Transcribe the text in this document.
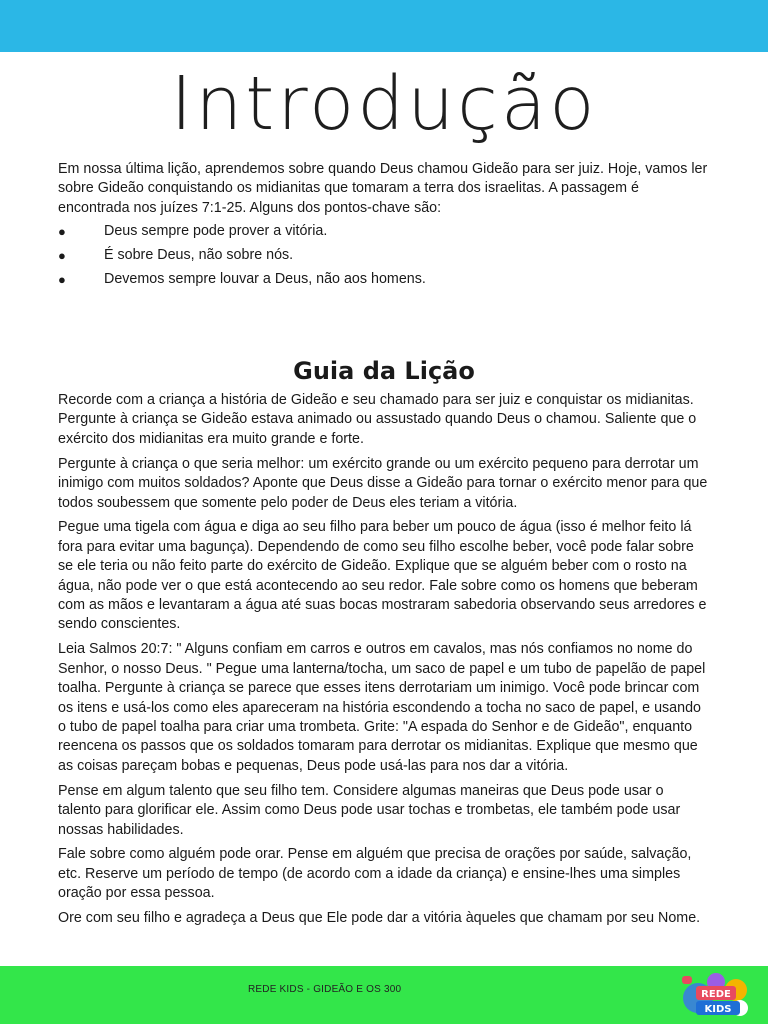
Introdução

Em nossa última lição, aprendemos sobre quando Deus chamou Gideão para ser juiz. Hoje, vamos ler sobre Gideão conquistando os midianitas que tomaram a terra dos israelitas. A passagem é encontrada nos juízes 7:1-25. Alguns dos pontos-chave são:

●	Deus sempre pode prover a vitória.
●	É sobre Deus, não sobre nós.
●	Devemos sempre louvar a Deus, não aos homens.
Guia da Lição

Recorde com a criança a história de Gideão e seu chamado para ser juiz e conquistar os midianitas. Pergunte à criança se Gideão estava animado ou assustado quando Deus o chamou. Saliente que o exército dos midianitas era muito grande e forte.

Pergunte à criança o que seria melhor: um exército grande ou um exército pequeno para derrotar um inimigo com muitos soldados? Aponte que Deus disse a Gideão para tornar o exército menor para que todos soubessem que somente pelo poder de Deus eles teriam a vitória.

Pegue uma tigela com água e diga ao seu filho para beber um pouco de água (isso é melhor feito lá fora para evitar uma bagunça). Dependendo de como seu filho escolhe beber, você pode falar sobre se ele teria ou não feito parte do exército de Gideão. Explique que se alguém beber com o rosto na água, não pode ver o que está acontecendo ao seu redor. Fale sobre como os homens que beberam com as mãos e levantaram a água até suas bocas mostraram sabedoria observando seus arredores e sendo conscientes.

Leia Salmos 20:7: " Alguns confiam em carros e outros em cavalos, mas nós confiamos no nome do Senhor, o nosso Deus. " Pegue uma lanterna/tocha, um saco de papel e um tubo de papelão de papel toalha. Pergunte à criança se parece que esses itens derrotariam um inimigo. Você pode brincar com os itens e usá-los como eles apareceram na história escondendo a tocha no saco de papel, e usando o tubo de papel toalha para criar uma trombeta. Grite: "A espada do Senhor e de Gideão", enquanto reencena os passos que os soldados tomaram para derrotar os midianitas. Explique que mesmo que as coisas pareçam bobas e pequenas, Deus pode usá-las para nos dar a vitória.

Pense em algum talento que seu filho tem. Considere algumas maneiras que Deus pode usar o talento para glorificar ele. Assim como Deus pode usar tochas e trombetas, ele também pode usar nossas habilidades.

Fale sobre como alguém pode orar. Pense em alguém que precisa de orações por saúde, salvação, etc. Reserve um período de tempo (de acordo com a idade da criança) e ensine-lhes uma simples oração por essa pessoa.

Ore com seu filho e agradeça a Deus que Ele pode dar a vitória àqueles que chamam por seu Nome.

REDE KIDS - GIDEÃO E OS 300	REDE
KIDS
